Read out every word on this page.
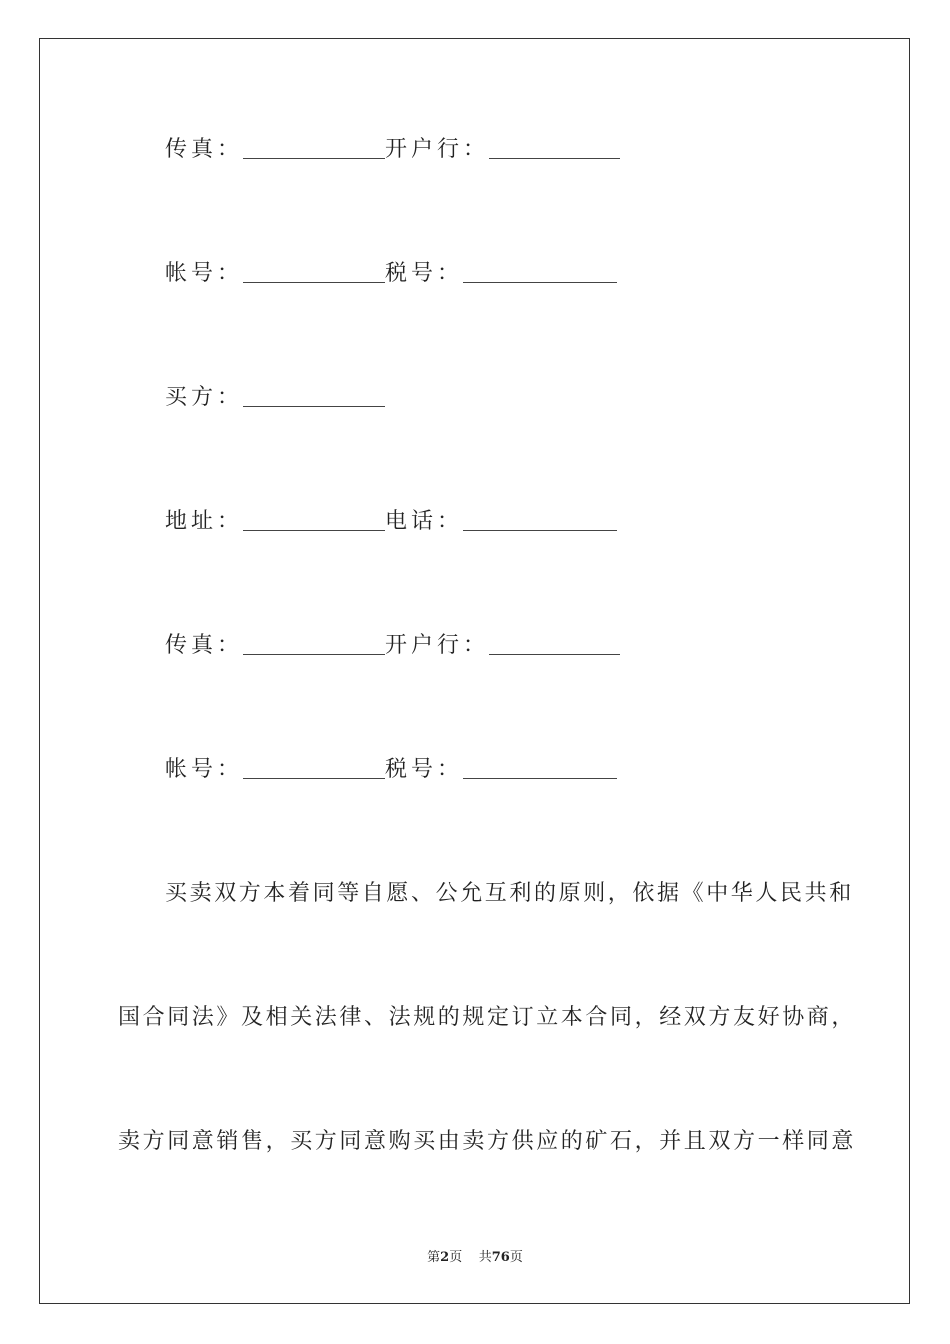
传真：	开户行：
帐号：	税号：
买方：
地址：	电话：
传真：	开户行：
帐号：	税号：
买卖双方本着同等自愿、公允互利的原则，依据《中华人民共和
国合同法》及相关法律、法规的规定订立本合同，经双方友好协商，
卖方同意销售，买方同意购买由卖方供应的矿石，并且双方一样同意
第2页 共76页
